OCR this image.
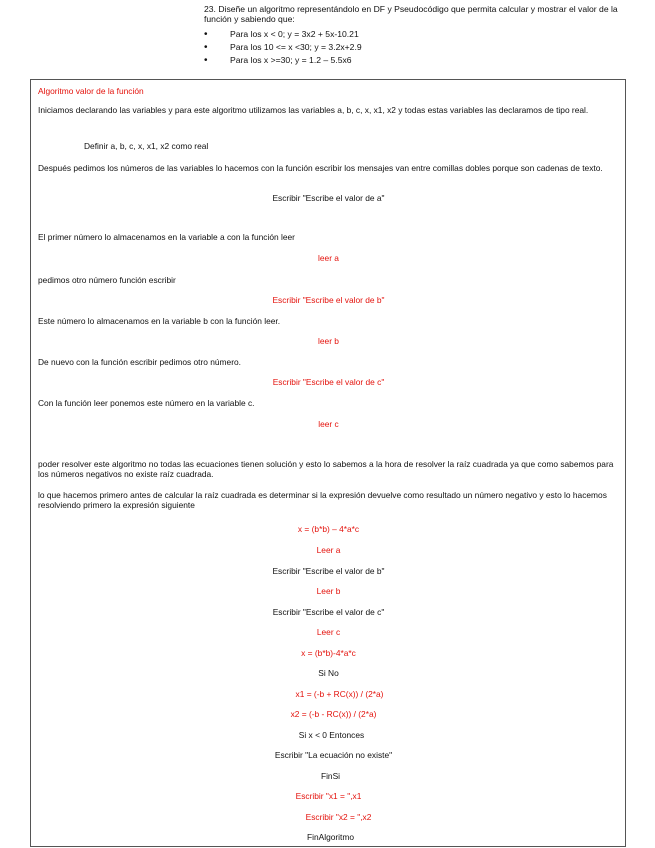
23. Diseñe un algoritmo representándolo en DF y Pseudocódigo que permita calcular y mostrar el valor de la función y sabiendo que:
•	Para los x < 0; y = 3x2 + 5x-10.21
•	Para los 10 <= x <30; y = 3.2x+2.9
•	Para los x >=30; y = 1.2 – 5.5x6
Algoritmo valor de la función
Iniciamos declarando las variables y para este algoritmo utilizamos las variables a, b, c, x, x1, x2 y todas estas variables las declaramos de tipo real.
Definir a, b, c, x, x1, x2 como real
Después pedimos los números de las variables lo hacemos con la función escribir los mensajes van entre comillas dobles porque son cadenas de texto.
Escribir "Escribe el valor de a"
El primer número lo almacenamos en la variable a con la función leer
leer a
pedimos otro número función escribir
Escribir "Escribe el valor de b"
Este número lo almacenamos en la variable b con la función leer.
leer b
De nuevo con la función escribir pedimos otro número.
Escribir "Escribe el valor de c"
Con la función leer ponemos este número en la variable c.
leer c
poder resolver este algoritmo no todas las ecuaciones tienen solución y esto lo sabemos a la hora de resolver la raíz cuadrada ya que como sabemos para los números negativos no existe raíz cuadrada.
lo que hacemos primero antes de calcular la raíz cuadrada es determinar si la expresión devuelve como resultado un número negativo y esto lo hacemos resolviendo primero la expresión siguiente
x = (b*b) – 4*a*c
Leer a
Escribir "Escribe el valor de b"
Leer b
Escribir "Escribe el valor de c"
Leer c
x = (b*b)-4*a*c
Si No
x1 = (-b + RC(x)) / (2*a)
x2 = (-b - RC(x)) / (2*a)
Si x < 0 Entonces
Escribir "La ecuación no existe"
FinSi
Escribir "x1 = ",x1
Escribir "x2 = ",x2
FinAlgoritmo
